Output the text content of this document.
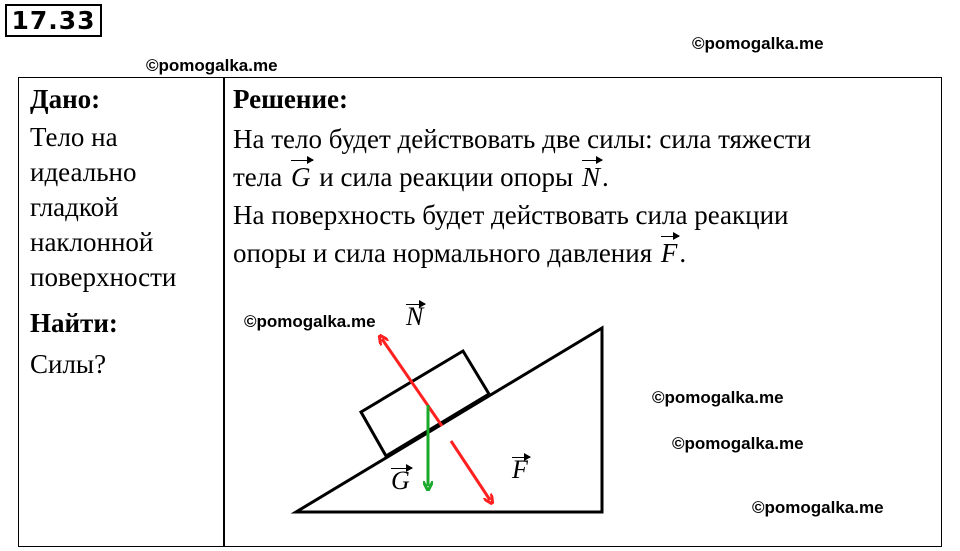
17.33
©pomogalka.me
©pomogalka.me
Дано:
Тело на
идеально
гладкой
наклонной
поверхности
Найти:
Силы?
Решение:
На тело будет действовать две силы: сила тяжести
тела G и сила реакции опоры N.
На поверхность будет действовать сила реакции
опоры и сила нормального давления F.
©pomogalka.me
©pomogalka.me
©pomogalka.me
©pomogalka.me
N
G	F
